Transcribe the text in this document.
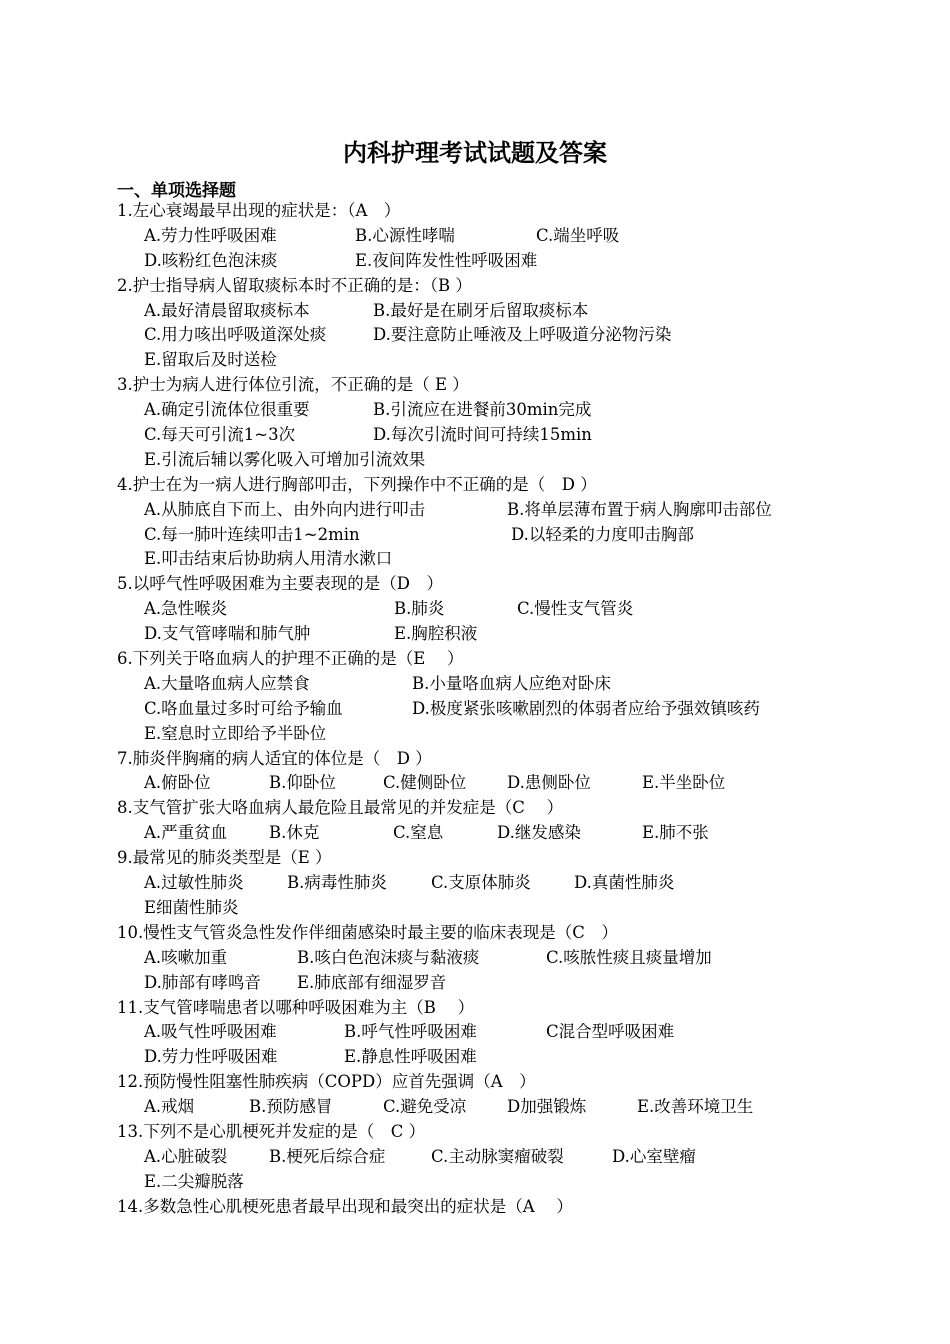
内科护理考试试题及答案
一、单项选择题
1.左心衰竭最早出现的症状是：（A　）
A.劳力性呼吸困难	B.心源性哮喘	C.端坐呼吸
D.咳粉红色泡沫痰	E.夜间阵发性性呼吸困难
2.护士指导病人留取痰标本时不正确的是：（B ）
A.最好清晨留取痰标本	B.最好是在刷牙后留取痰标本
C.用力咳出呼吸道深处痰	D.要注意防止唾液及上呼吸道分泌物污染
E.留取后及时送检
3.护士为病人进行体位引流，不正确的是（ E ）
A.确定引流体位很重要	B.引流应在进餐前30min完成
C.每天可引流1~3次	D.每次引流时间可持续15min
E.引流后辅以雾化吸入可增加引流效果
4.护士在为一病人进行胸部叩击，下列操作中不正确的是（　D ）
A.从肺底自下而上、由外向内进行叩击	B.将单层薄布置于病人胸廓叩击部位
C.每一肺叶连续叩击1~2min	D.以轻柔的力度叩击胸部
E.叩击结束后协助病人用清水漱口
5.以呼气性呼吸困难为主要表现的是（D　）
A.急性喉炎	B.肺炎	C.慢性支气管炎
D.支气管哮喘和肺气肿	E.胸腔积液
6.下列关于咯血病人的护理不正确的是（E　 ）
A.大量咯血病人应禁食	B.小量咯血病人应绝对卧床
C.咯血量过多时可给予输血	D.极度紧张咳嗽剧烈的体弱者应给予强效镇咳药
E.窒息时立即给予半卧位
7.肺炎伴胸痛的病人适宜的体位是（　D ）
A.俯卧位	B.仰卧位	C.健侧卧位 D.患侧卧位	E.半坐卧位
8.支气管扩张大咯血病人最危险且最常见的并发症是（C　 ）
A.严重贫血	B.休克	C.窒息	D.继发感染	E.肺不张
9.最常见的肺炎类型是（E ）
A.过敏性肺炎	B.病毒性肺炎	C.支原体肺炎	D.真菌性肺炎
E细菌性肺炎
10.慢性支气管炎急性发作伴细菌感染时最主要的临床表现是（C　）
A.咳嗽加重	B.咳白色泡沫痰与黏液痰	C.咳脓性痰且痰量增加
D.肺部有哮鸣音 E.肺底部有细湿罗音
11.支气管哮喘患者以哪种呼吸困难为主（B　 ）
A.吸气性呼吸困难	B.呼气性呼吸困难	C混合型呼吸困难
D.劳力性呼吸困难	E.静息性呼吸困难
12.预防慢性阻塞性肺疾病（COPD）应首先强调（A　）
A.戒烟	B.预防感冒	C.避免受凉 D加强锻炼	E.改善环境卫生
13.下列不是心肌梗死并发症的是（　C ）
A.心脏破裂	B.梗死后综合症	C.主动脉窦瘤破裂	D.心室壁瘤
E.二尖瓣脱落
14.多数急性心肌梗死患者最早出现和最突出的症状是（A　 ）
